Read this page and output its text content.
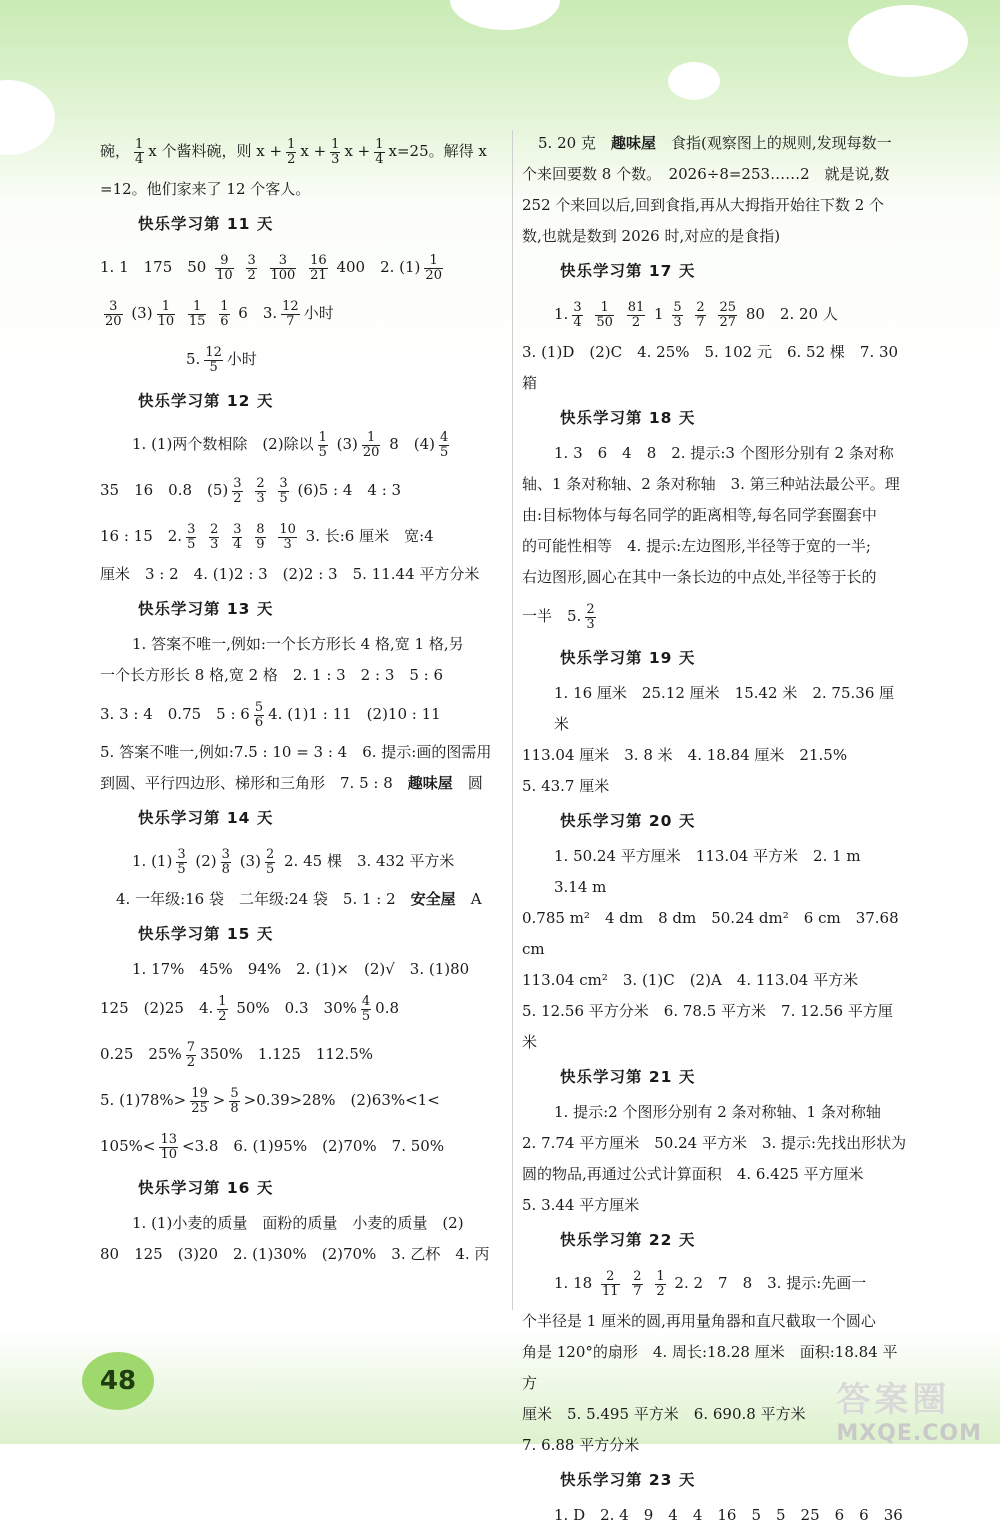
碗， $\frac{1}{4}$ x 个酱料碗，则 $x + \frac{1}{2}$ $x + \frac{1}{3}$ $x + \frac{1}{4} x=25$。解得 x

=12。他们家来了 12 个客人。

快乐学习第 11 天

1. 1　175　$50 \frac{9}{10}$
$\frac{3}{2}$
$\frac{3}{100}$
$\frac{16}{21} 400$　2. $(1) \frac{1}{20}$

$\frac{3}{20} (3) \frac{1}{10}$
$\frac{1}{15}$
$\frac{1}{6} 6$　3. $\frac{12}{7}$ 小时

5. $\frac{12}{5}$ 小时

快乐学习第 12 天

1. (1)两个数相除　(2)除以 $\frac{1}{5} (3) \frac{1}{20} 8$　$(4) \frac{4}{5}$

35　16　0.8　$(5) \frac{3}{2}$
$\frac{2}{3}$
$\frac{3}{5} (6)5$ : 4　4 : 3

16 : 15　2. $\frac{3}{5}$
$\frac{2}{3}$
$\frac{3}{4}$
$\frac{8}{9}$
$\frac{10}{3} 3$. 长:6 厘米　宽:4

厘米　3 : 2　4. (1)2 : 3　(2)2 : 3　5. 11.44 平方分米

快乐学习第 13 天

1. 答案不唯一,例如:一个长方形长 4 格,宽 1 格,另

一个长方形长 8 格,宽 2 格　2. 1 : 3　2 : 3　5 : 6

3. 3 : 4　0.75　5 : $6 \frac{5}{6} 4$. (1)1 : 11　(2)10 : 11

5. 答案不唯一,例如:7.5 : 10 = 3 : 4　6. 提示:画的图需用

到圆、平行四边形、梯形和三角形　7. 5 : 8　 趣味屋　 圆

快乐学习第 14 天

1. $(1) \frac{3}{5} (2) \frac{3}{8} (3) \frac{2}{5} 2$. 45 棵　3. 432 平方米

4. 一年级:16 袋　二年级:24 袋　5. 1 : 2　 安全屋　 A

快乐学习第 15 天

1. 17%　45%　94%　2. (1)×　(2)√　3. (1)80

125　(2)25　4. $\frac{1}{2} 50\%$　0.3　$30\% \frac{4}{5} 0.8$

0.25　$25\% \frac{7}{2} 350\%$　1.125　112.5%

5. $(1)78\%> \frac{19}{25} > \frac{5}{8} >0.39>28\%$　(2)63%<1<

$105\%< \frac{13}{10} <3.8$　6. (1)95%　(2)70%　7. 50%

快乐学习第 16 天

1. (1)小麦的质量　面粉的质量　小麦的质量　(2)

80　125　(3)20　2. (1)30%　(2)70%　3. 乙杯　4. 丙

5. 20 克　 趣味屋　 食指(观察图上的规则,发现每数一

个来回要数 8 个数。　2026÷8=253……2　就是说,数

252 个来回以后,回到食指,再从大拇指开始往下数 2 个

数,也就是数到 2026 时,对应的是食指)

快乐学习第 17 天

1. $\frac{3}{4}$
$\frac{1}{50}$
$\frac{81}{2} 1 \frac{5}{3}$
$\frac{2}{7}$
$\frac{25}{27} 80$　2. 20 人

3. (1)D　(2)C　4. 25%　5. 102 元　6. 52 棵　7. 30 箱

快乐学习第 18 天

1. 3　6　4　8　2. 提示:3 个图形分别有 2 条对称

轴、1 条对称轴、2 条对称轴　3. 第三种站法最公平。理

由:目标物体与每名同学的距离相等,每名同学套圈套中

的可能性相等　4. 提示:左边图形,半径等于宽的一半;

右边图形,圆心在其中一条长边的中点处,半径等于长的

一半　5. $\frac{2}{3}$

快乐学习第 19 天

1. 16 厘米　25.12 厘米　15.42 米　2. 75.36 厘米

113.04 厘米　3. 8 米　4. 18.84 厘米　21.5%

5. 43.7 厘米

快乐学习第 20 天

1. 50.24 平方厘米　113.04 平方米　2. 1 m　3.14 m

0.785 m²　4 dm　8 dm　50.24 dm²　6 cm　37.68 cm

113.04 cm²　3. (1)C　(2)A　4. 113.04 平方米

5. 12.56 平方分米　6. 78.5 平方米　7. 12.56 平方厘米

快乐学习第 21 天

1. 提示:2 个图形分别有 2 条对称轴、1 条对称轴

2. 7.74 平方厘米　50.24 平方米　3. 提示:先找出形状为

圆的物品,再通过公式计算面积　4. 6.425 平方厘米

5. 3.44 平方厘米

快乐学习第 22 天

1. $18 \frac{2}{11}$
$\frac{2}{7}$
$\frac{1}{2} 2$. 2　7　8　3. 提示:先画一

个半径是 1 厘米的圆,再用量角器和直尺截取一个圆心

角是 120°的扇形　4. 周长:18.28 厘米　面积:18.84 平方

厘米　5. 5.495 平方米　6. 690.8 平方米

7. 6.88 平方分米

快乐学习第 23 天

1. D　2. 4　9　4　4　16　5　5　25　6　6　36

48	答案圈
MXQE.COM
